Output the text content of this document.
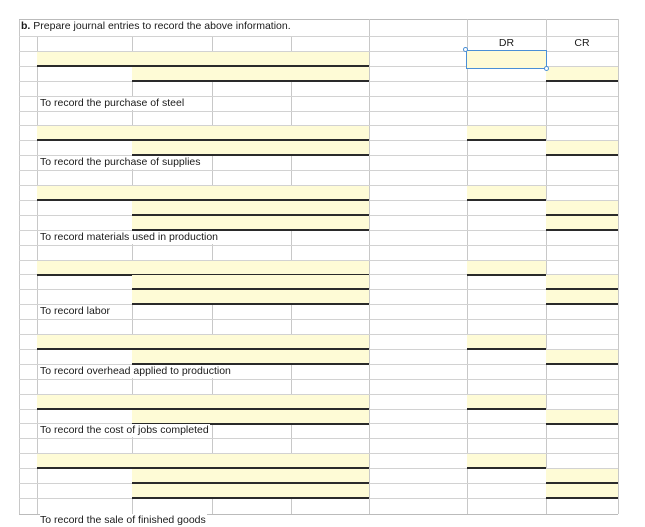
b. Prepare journal entries to record the above information.
DR	CR
To record the purchase of steel
To record the purchase of supplies
To record materials used in production
To record labor
To record overhead applied to production
To record the cost of jobs completed
To record the sale of finished goods
